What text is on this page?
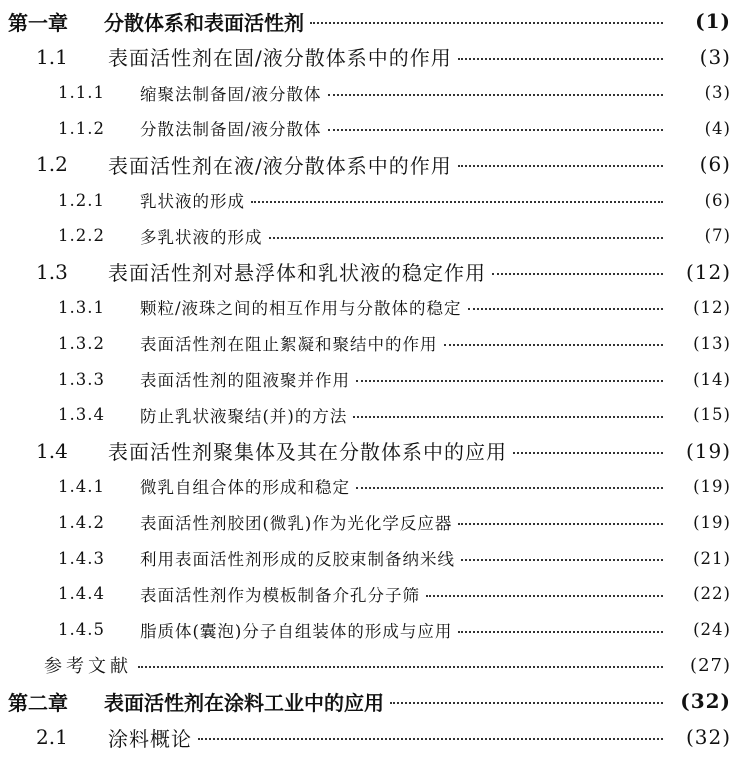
第一章	分散体系和表面活性剂	(1)
1.1	表面活性剂在固/液分散体系中的作用	(3)
1.1.1	缩聚法制备固/液分散体	(3)
1.1.2	分散法制备固/液分散体	(4)
1.2	表面活性剂在液/液分散体系中的作用	(6)
1.2.1	乳状液的形成	(6)
1.2.2	多乳状液的形成	(7)
1.3	表面活性剂对悬浮体和乳状液的稳定作用	(12)
1.3.1	颗粒/液珠之间的相互作用与分散体的稳定	(12)
1.3.2	表面活性剂在阻止絮凝和聚结中的作用	(13)
1.3.3	表面活性剂的阻液聚并作用	(14)
1.3.4	防止乳状液聚结(并)的方法	(15)
1.4	表面活性剂聚集体及其在分散体系中的应用	(19)
1.4.1	微乳自组合体的形成和稳定	(19)
1.4.2	表面活性剂胶团(微乳)作为光化学反应器	(19)
1.4.3	利用表面活性剂形成的反胶束制备纳米线	(21)
1.4.4	表面活性剂作为模板制备介孔分子筛	(22)
1.4.5	脂质体(囊泡)分子自组装体的形成与应用	(24)
参考文献	(27)
第二章	表面活性剂在涂料工业中的应用	(32)
2.1	涂料概论	(32)
